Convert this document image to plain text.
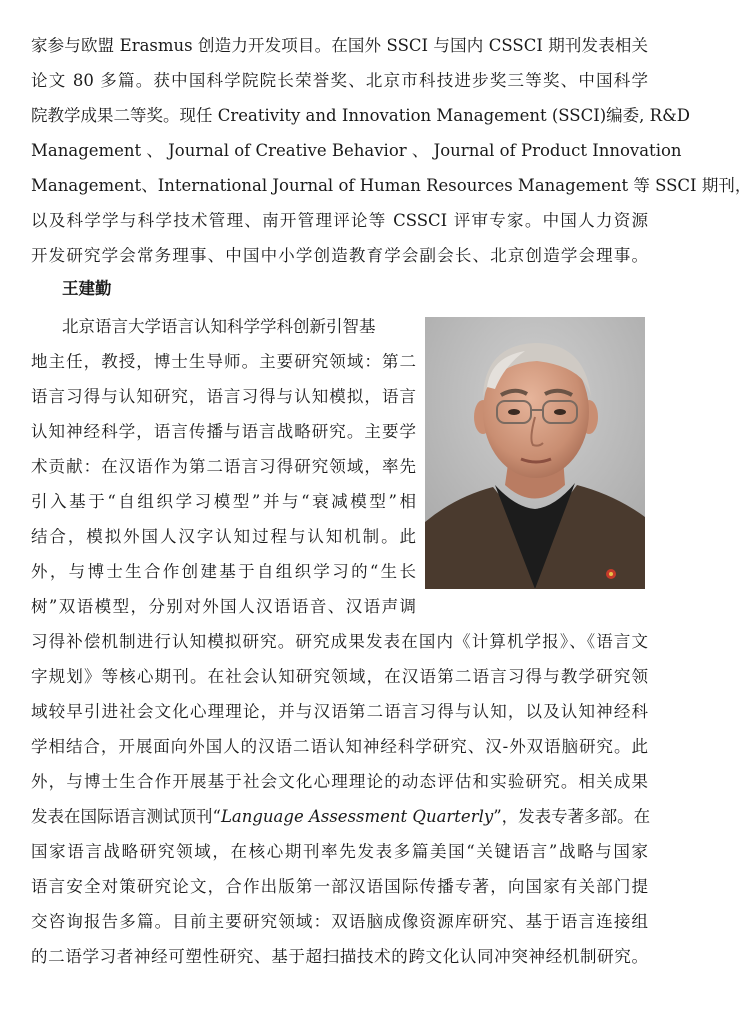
家参与欧盟 Erasmus 创造力开发项目。在国外 SSCI 与国内 CSSCI 期刊发表相关
论文 80 多篇。获中国科学院院长荣誉奖、北京市科技进步奖三等奖、中国科学
院教学成果二等奖。现任 Creativity and Innovation Management (SSCI)编委, R&D
Management 、 Journal of Creative Behavior 、 Journal of Product Innovation
Management、International Journal of Human Resources Management 等 SSCI 期刊，
以及科学学与科学技术管理、南开管理评论等 CSSCI 评审专家。中国人力资源
开发研究学会常务理事、中国中小学创造教育学会副会长、北京创造学会理事。
王建勤
北京语言大学语言认知科学学科创新引智基
地主任，教授，博士生导师。主要研究领域：第二
语言习得与认知研究，语言习得与认知模拟，语言
认知神经科学，语言传播与语言战略研究。主要学
术贡献：在汉语作为第二语言习得研究领域，率先
引入基于“自组织学习模型”并与“衰减模型”相
结合，模拟外国人汉字认知过程与认知机制。此
外，与博士生合作创建基于自组织学习的“生长
树”双语模型，分别对外国人汉语语音、汉语声调
习得补偿机制进行认知模拟研究。研究成果发表在国内《计算机学报》、《语言文
字规划》等核心期刊。在社会认知研究领域，在汉语第二语言习得与教学研究领
域较早引进社会文化心理理论，并与汉语第二语言习得与认知，以及认知神经科
学相结合，开展面向外国人的汉语二语认知神经科学研究、汉-外双语脑研究。此
外，与博士生合作开展基于社会文化心理理论的动态评估和实验研究。相关成果
发表在国际语言测试顶刊“Language Assessment Quarterly”，发表专著多部。在
国家语言战略研究领域，在核心期刊率先发表多篇美国“关键语言”战略与国家
语言安全对策研究论文，合作出版第一部汉语国际传播专著，向国家有关部门提
交咨询报告多篇。目前主要研究领域：双语脑成像资源库研究、基于语言连接组
的二语学习者神经可塑性研究、基于超扫描技术的跨文化认同冲突神经机制研究。
